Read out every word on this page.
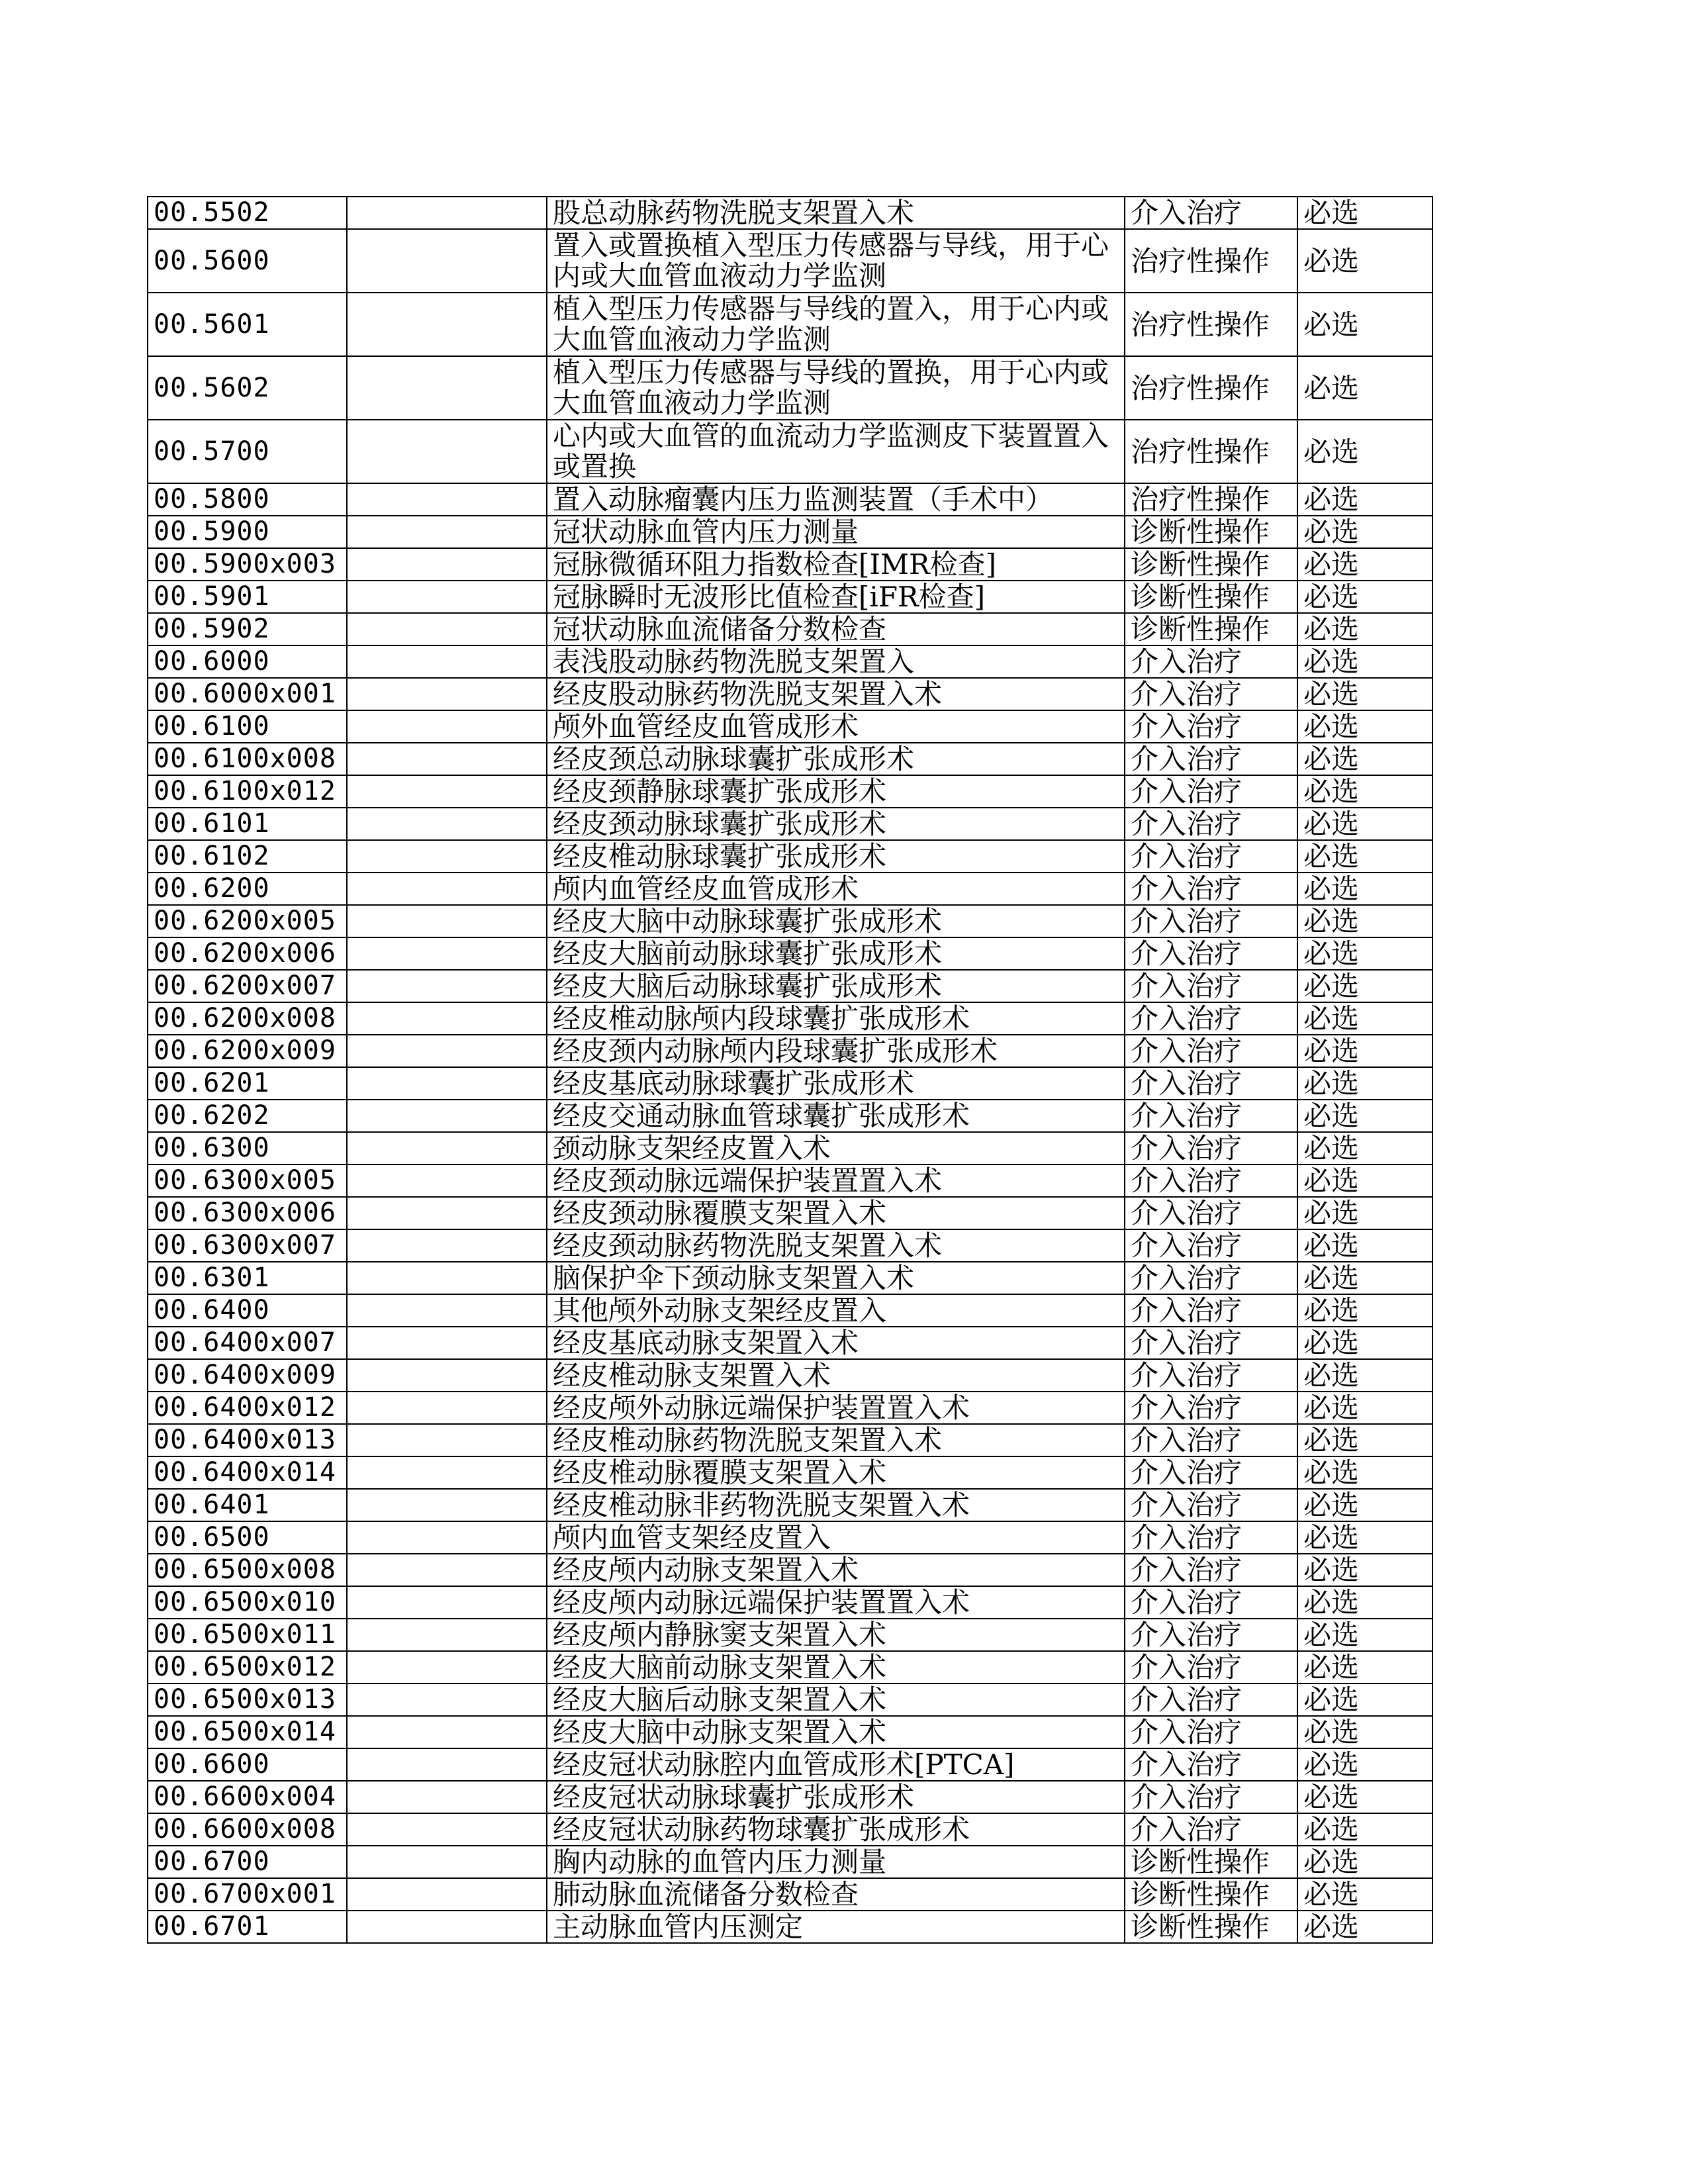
00.5502		股总动脉药物洗脱支架置入术	介入治疗	必选
00.5600		置入或置换植入型压力传感器与导线，用于心内或大血管血液动力学监测	治疗性操作	必选
00.5601		植入型压力传感器与导线的置入，用于心内或大血管血液动力学监测	治疗性操作	必选
00.5602		植入型压力传感器与导线的置换，用于心内或大血管血液动力学监测	治疗性操作	必选
00.5700		心内或大血管的血流动力学监测皮下装置置入或置换	治疗性操作	必选
00.5800		置入动脉瘤囊内压力监测装置（手术中）	治疗性操作	必选
00.5900		冠状动脉血管内压力测量	诊断性操作	必选
00.5900x003		冠脉微循环阻力指数检查[IMR检查]	诊断性操作	必选
00.5901		冠脉瞬时无波形比值检查[iFR检查]	诊断性操作	必选
00.5902		冠状动脉血流储备分数检查	诊断性操作	必选
00.6000		表浅股动脉药物洗脱支架置入	介入治疗	必选
00.6000x001		经皮股动脉药物洗脱支架置入术	介入治疗	必选
00.6100		颅外血管经皮血管成形术	介入治疗	必选
00.6100x008		经皮颈总动脉球囊扩张成形术	介入治疗	必选
00.6100x012		经皮颈静脉球囊扩张成形术	介入治疗	必选
00.6101		经皮颈动脉球囊扩张成形术	介入治疗	必选
00.6102		经皮椎动脉球囊扩张成形术	介入治疗	必选
00.6200		颅内血管经皮血管成形术	介入治疗	必选
00.6200x005		经皮大脑中动脉球囊扩张成形术	介入治疗	必选
00.6200x006		经皮大脑前动脉球囊扩张成形术	介入治疗	必选
00.6200x007		经皮大脑后动脉球囊扩张成形术	介入治疗	必选
00.6200x008		经皮椎动脉颅内段球囊扩张成形术	介入治疗	必选
00.6200x009		经皮颈内动脉颅内段球囊扩张成形术	介入治疗	必选
00.6201		经皮基底动脉球囊扩张成形术	介入治疗	必选
00.6202		经皮交通动脉血管球囊扩张成形术	介入治疗	必选
00.6300		颈动脉支架经皮置入术	介入治疗	必选
00.6300x005		经皮颈动脉远端保护装置置入术	介入治疗	必选
00.6300x006		经皮颈动脉覆膜支架置入术	介入治疗	必选
00.6300x007		经皮颈动脉药物洗脱支架置入术	介入治疗	必选
00.6301		脑保护伞下颈动脉支架置入术	介入治疗	必选
00.6400		其他颅外动脉支架经皮置入	介入治疗	必选
00.6400x007		经皮基底动脉支架置入术	介入治疗	必选
00.6400x009		经皮椎动脉支架置入术	介入治疗	必选
00.6400x012		经皮颅外动脉远端保护装置置入术	介入治疗	必选
00.6400x013		经皮椎动脉药物洗脱支架置入术	介入治疗	必选
00.6400x014		经皮椎动脉覆膜支架置入术	介入治疗	必选
00.6401		经皮椎动脉非药物洗脱支架置入术	介入治疗	必选
00.6500		颅内血管支架经皮置入	介入治疗	必选
00.6500x008		经皮颅内动脉支架置入术	介入治疗	必选
00.6500x010		经皮颅内动脉远端保护装置置入术	介入治疗	必选
00.6500x011		经皮颅内静脉窦支架置入术	介入治疗	必选
00.6500x012		经皮大脑前动脉支架置入术	介入治疗	必选
00.6500x013		经皮大脑后动脉支架置入术	介入治疗	必选
00.6500x014		经皮大脑中动脉支架置入术	介入治疗	必选
00.6600		经皮冠状动脉腔内血管成形术[PTCA]	介入治疗	必选
00.6600x004		经皮冠状动脉球囊扩张成形术	介入治疗	必选
00.6600x008		经皮冠状动脉药物球囊扩张成形术	介入治疗	必选
00.6700		胸内动脉的血管内压力测量	诊断性操作	必选
00.6700x001		肺动脉血流储备分数检查	诊断性操作	必选
00.6701		主动脉血管内压测定	诊断性操作	必选
